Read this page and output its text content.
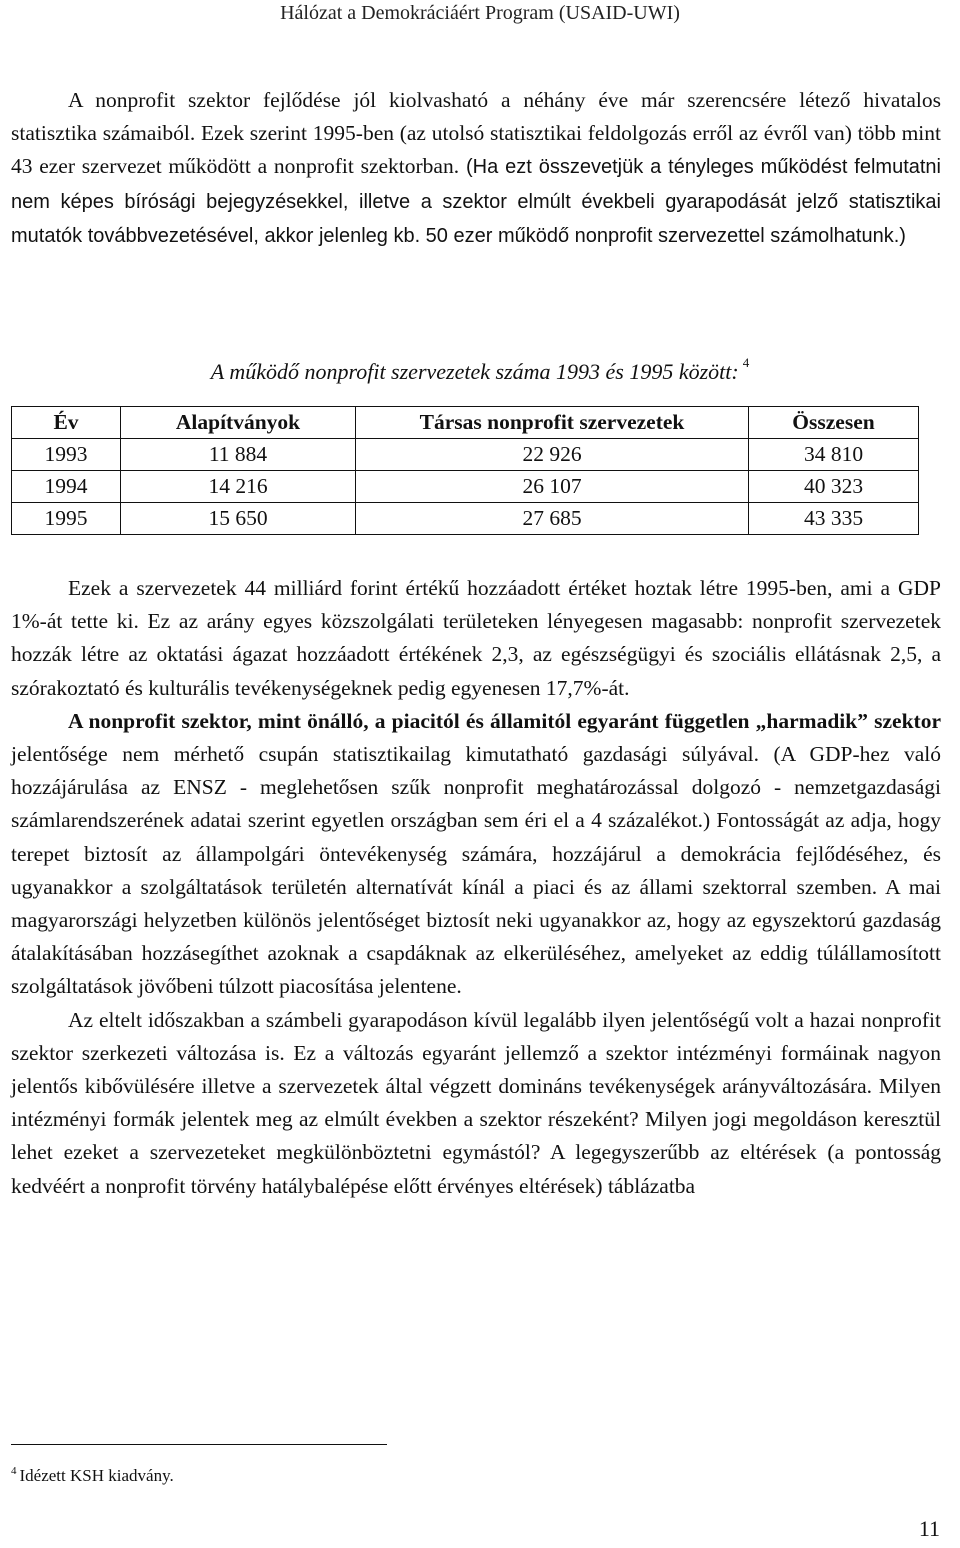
Hálózat a Demokráciáért Program (USAID-UWI)

A nonprofit szektor fejlődése jól kiolvasható a néhány éve már szerencsére létező hivatalos statisztika számaiból. Ezek szerint 1995-ben (az utolsó statisztikai feldolgozás erről az évről van) több mint 43 ezer szervezet működött a nonprofit szektorban. (Ha ezt összevetjük a tényleges működést felmutatni nem képes bírósági bejegyzésekkel, illetve a szektor elmúlt évekbeli gyarapodását jelző statisztikai mutatók továbbvezetésével, akkor jelenleg kb. 50 ezer működő nonprofit szervezettel számolhatunk.)

A működő nonprofit szervezetek száma 1993 és 1995 között: $^4$
Év	Alapítványok	Társas nonprofit szervezetek	Összesen
1993	11 884	22 926	34 810
1994	14 216	26 107	40 323
1995	15 650	27 685	43 335

Ezek a szervezetek 44 milliárd forint értékű hozzáadott értéket hoztak létre 1995-ben, ami a GDP 1%-át tette ki. Ez az arány egyes közszolgálati területeken lényegesen magasabb: nonprofit szervezetek hozzák létre az oktatási ágazat hozzáadott értékének 2,3, az egészségügyi és szociális ellátásnak 2,5, a szórakoztató és kulturális tevékenységeknek pedig egyenesen 17,7%-át.

A nonprofit szektor, mint önálló, a piacitól és államitól egyaránt független „harmadik” szektor jelentősége nem mérhető csupán statisztikailag kimutatható gazdasági súlyával. (A GDP-hez való hozzájárulása az ENSZ - meglehetősen szűk nonprofit meghatározással dolgozó - nemzetgazdasági számlarendszerének adatai szerint egyetlen országban sem éri el a 4 százalékot.) Fontosságát az adja, hogy terepet biztosít az állampolgári öntevékenység számára, hozzájárul a demokrácia fejlődéséhez, és ugyanakkor a szolgáltatások területén alternatívát kínál a piaci és az állami szektorral szemben. A mai magyarországi helyzetben különös jelentőséget biztosít neki ugyanakkor az, hogy az egyszektorú gazdaság átalakításában hozzásegíthet azoknak a csapdáknak az elkerüléséhez, amelyeket az eddig túlállamosított szolgáltatások jövőbeni túlzott piacosítása jelentene.

Az eltelt időszakban a számbeli gyarapodáson kívül legalább ilyen jelentőségű volt a hazai nonprofit szektor szerkezeti változása is. Ez a változás egyaránt jellemző a szektor intézményi formáinak nagyon jelentős kibővülésére illetve a szervezetek által végzett domináns tevékenységek arányváltozására. Milyen intézményi formák jelentek meg az elmúlt években a szektor részeként? Milyen jogi megoldáson keresztül lehet ezeket a szervezeteket megkülönböztetni egymástól? A legegyszerűbb az eltérések (a pontosság kedvéért a nonprofit törvény hatálybalépése előtt érvényes eltérések) táblázatba

$^4$ Idézett KSH kiadvány.
11
